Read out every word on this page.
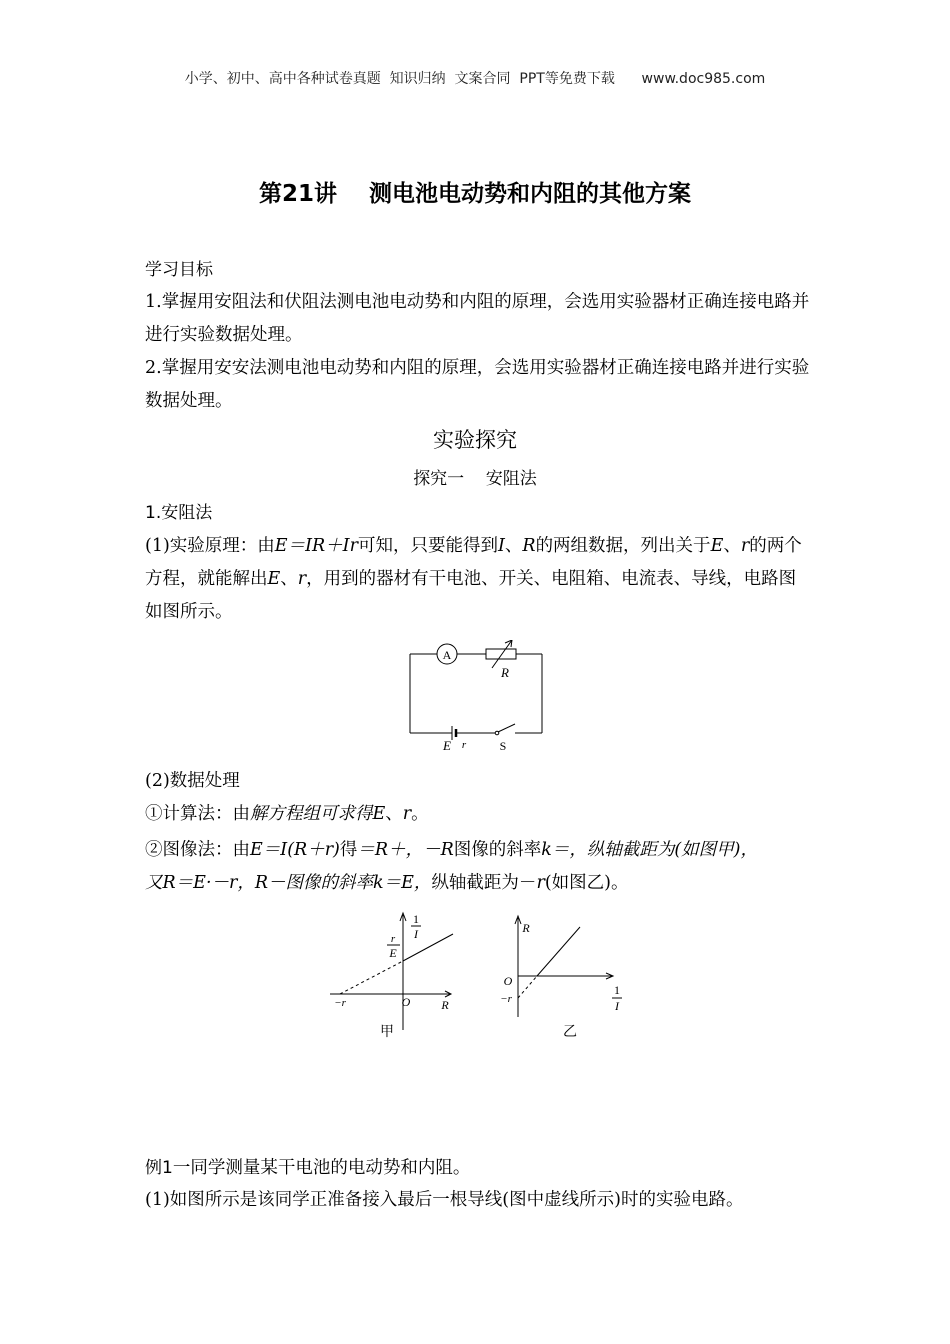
小学、初中、高中各种试卷真题  知识归纳  文案合同  PPT等免费下载      www.doc985.com
第21讲    测电池电动势和内阻的其他方案
学习目标
1.掌握用安阻法和伏阻法测电池电动势和内阻的原理，会选用实验器材正确连接电路并进行实验数据处理。
2.掌握用安安法测电池电动势和内阻的原理，会选用实验器材正确连接电路并进行实验数据处理。
实验探究
探究一    安阻法
1.安阻法
(1)实验原理：由E＝IR＋Ir可知，只要能得到I、R的两组数据，列出关于E、r的两个方程，就能解出E、r，用到的器材有干电池、开关、电阻箱、电流表、导线，电路图如图所示。
A
R
E r	S
(2)数据处理
①计算法：由解方程组可求得E、r。
②图像法：由E＝I(R＋r)得＝R＋，－R图像的斜率k＝，纵轴截距为(如图甲)，
又R＝E·－r，R－图像的斜率k＝E，纵轴截距为－r(如图乙)。
1
I
r
E
O	R
−r
甲
R
O
−r
1
I
乙
例1一同学测量某干电池的电动势和内阻。
(1)如图所示是该同学正准备接入最后一根导线(图中虚线所示)时的实验电路。
